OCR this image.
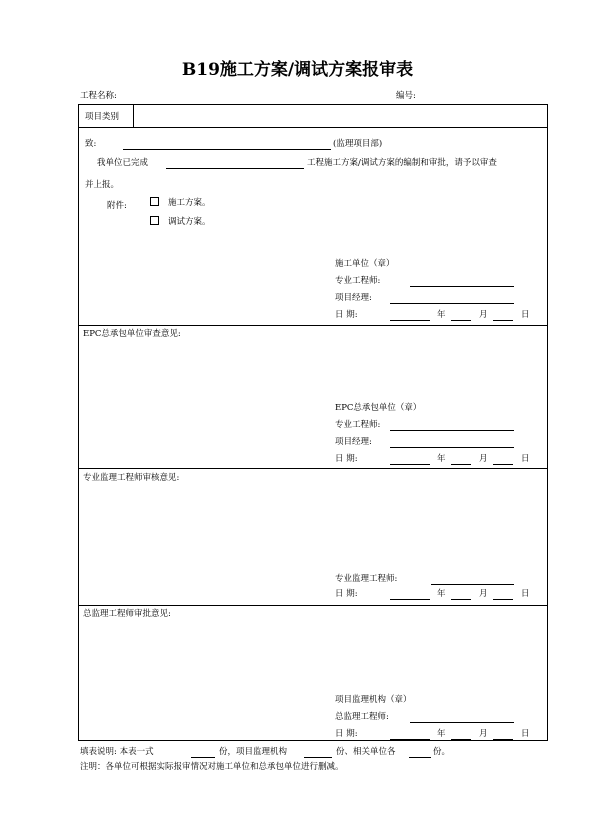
B19施工方案/调试方案报审表
工程名称:	编号:
项目类别
致:	(监理项目部)
我单位已完成	工程施工方案/调试方案的编制和审批，请予以审查
并上报。
附件:	施工方案。
调试方案。
施工单位（章）
专业工程师:
项目经理:
日 期:	年	月	日
EPC总承包单位审查意见:
EPC总承包单位（章）
专业工程师:
项目经理:
日 期:	年	月	日
专业监理工程师审核意见:
专业监理工程师:
日 期:	年	月	日
总监理工程师审批意见:
项目监理机构（章）
总监理工程师:
日 期:	年	月	日
填表说明: 本表一式	份，项目监理机构	份、相关单位各	份。
注明：各单位可根据实际报审情况对施工单位和总承包单位进行删减。
